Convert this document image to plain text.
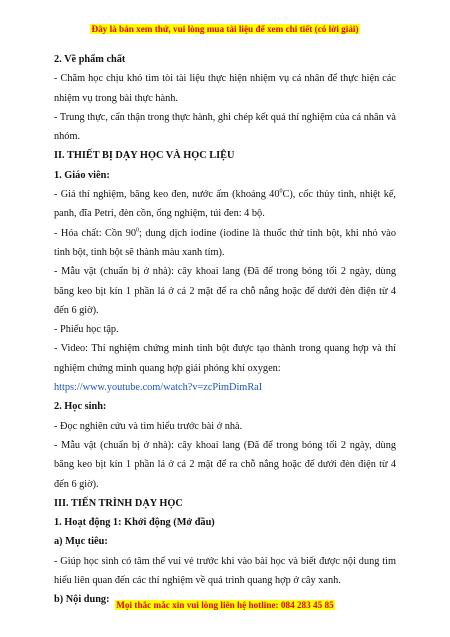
Đây là bản xem thử, vui lòng mua tài liệu để xem chi tiết (có lời giải)

2. Về phẩm chất

- Chăm học chịu khó tìm tòi tài liệu thực hiện nhiệm vụ cá nhân để thực hiện các nhiệm vụ trong bài thực hành.

- Trung thực, cẩn thận trong thực hành, ghi chép kết quả thí nghiệm của cá nhân và nhóm.

II. THIẾT BỊ DẠY HỌC VÀ HỌC LIỆU

1. Giáo viên:

- Giá thí nghiệm, băng keo đen, nước ấm (khoảng $40^0C$), cốc thủy tinh, nhiệt kế, panh, đĩa Petri, đèn cồn, ống nghiệm, túi đen: 4 bộ.

- Hóa chất: Cồn $90^0$; dung dịch iodine (iodine là thuốc thử tinh bột, khi nhỏ vào tinh bột, tinh bột sẽ thành màu xanh tím).

- Mẫu vật (chuẩn bị ở nhà): cây khoai lang (Đã để trong bóng tối 2 ngày, dùng băng keo bịt kín 1 phần lá ở cả 2 mặt để ra chỗ nắng hoặc để dưới đèn điện từ 4 đến 6 giờ).

- Phiếu học tập.

- Video: Thí nghiệm chứng minh tinh bột được tạo thành trong quang hợp và thí nghiệm chứng minh quang hợp giải phóng khí oxygen:

https://www.youtube.com/watch?v=zcPimDimRaI

2. Học sinh:

- Đọc nghiên cứu và tìm hiểu trước bài ở nhà.

- Mẫu vật (chuẩn bị ở nhà): cây khoai lang (Đã để trong bóng tối 2 ngày, dùng băng keo bịt kín 1 phần lá ở cả 2 mặt để ra chỗ nắng hoặc để dưới đèn điện từ 4 đến 6 giờ).

III. TIẾN TRÌNH DẠY HỌC

1. Hoạt động 1: Khởi động (Mở đầu)

a) Mục tiêu:

- Giúp học sinh có tâm thế vui vẻ trước khi vào bài học và biết được nội dung tìm hiểu liên quan đến các thí nghiệm về quá trình quang hợp ở cây xanh.

b) Nội dung: Mọi thắc mắc xin vui lòng liên hệ hotline: 084 283 45 85
